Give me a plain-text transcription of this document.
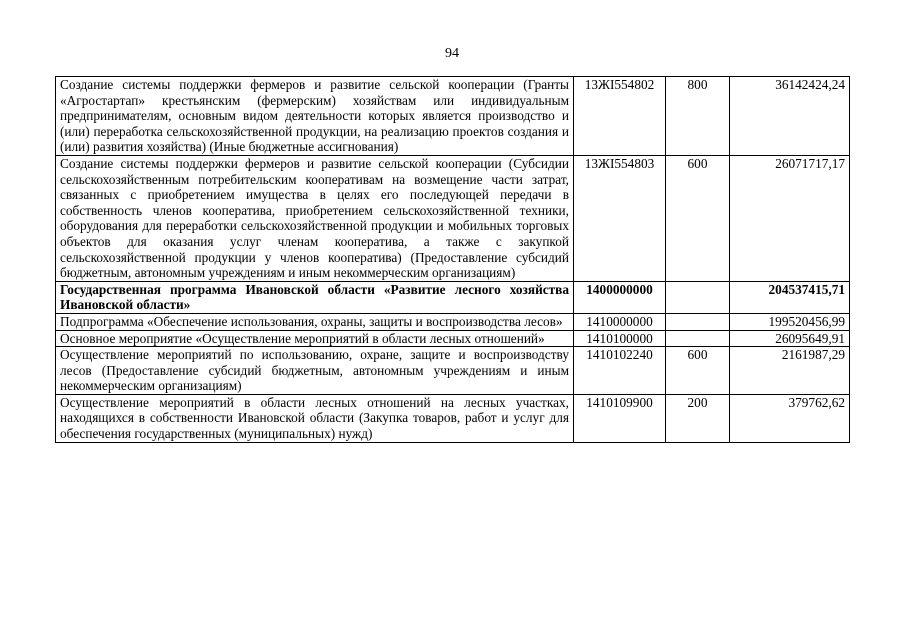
94
Создание системы поддержки фермеров и развитие сельской кооперации (Гранты «Агростартап» крестьянским (фермерским) хозяйствам или индивидуальным предпринимателям, основным видом деятельности которых является производство и (или) переработка сельскохозяйственной продукции, на реализацию проектов создания и (или) развития хозяйства) (Иные бюджетные ассигнования)	13ЖI554802	800	36142424,24
Создание системы поддержки фермеров и развитие сельской кооперации (Субсидии сельскохозяйственным потребительским кооперативам на возмещение части затрат, связанных с приобретением имущества в целях его последующей передачи в собственность членов кооператива, приобретением сельскохозяйственной техники, оборудования для переработки сельскохозяйственной продукции и мобильных торговых объектов для оказания услуг членам кооператива, а также с закупкой сельскохозяйственной продукции у членов кооператива) (Предоставление субсидий бюджетным, автономным учреждениям и иным некоммерческим организациям)	13ЖI554803	600	26071717,17
Государственная программа Ивановской области «Развитие лесного хозяйства Ивановской области»	1400000000		204537415,71
Подпрограмма «Обеспечение использования, охраны, защиты и воспроизводства лесов»	1410000000		199520456,99
Основное мероприятие «Осуществление мероприятий в области лесных отношений»	1410100000		26095649,91
Осуществление мероприятий по использованию, охране, защите и воспроизводству лесов (Предоставление субсидий бюджетным, автономным учреждениям и иным некоммерческим организациям)	1410102240	600	2161987,29
Осуществление мероприятий в области лесных отношений на лесных участках, находящихся в собственности Ивановской области (Закупка товаров, работ и услуг для обеспечения государственных (муниципальных) нужд)	1410109900	200	379762,62
